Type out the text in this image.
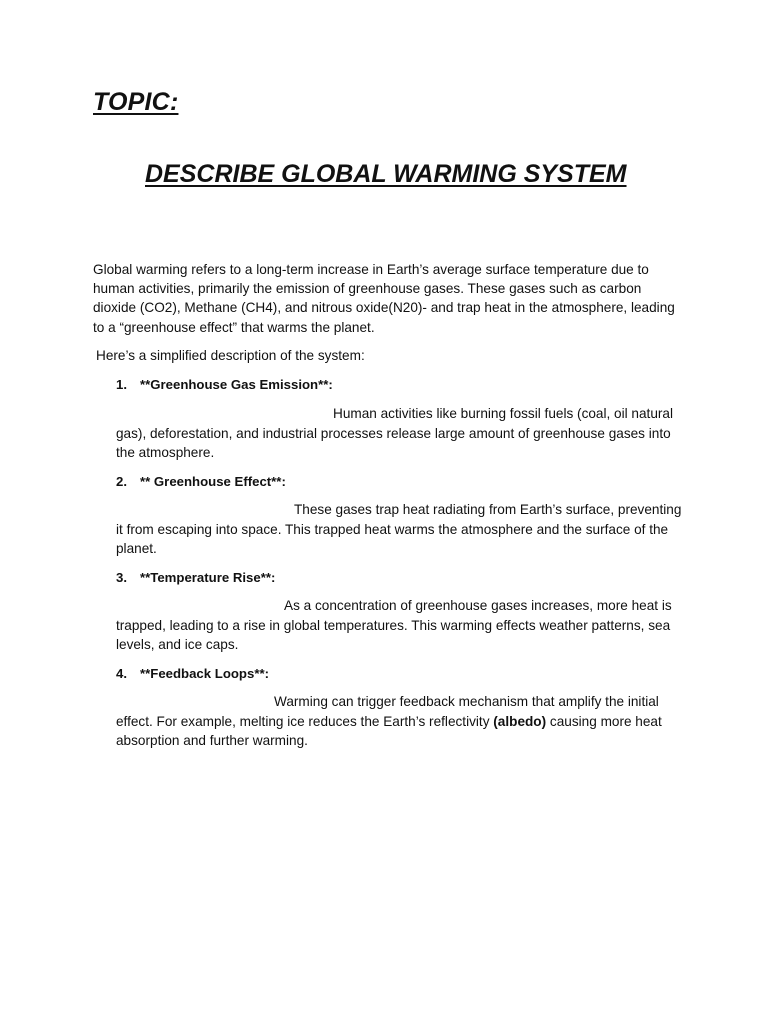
TOPIC:
DESCRIBE GLOBAL WARMING SYSTEM
Global warming refers to a long-term increase in Earth’s average surface temperature due to human activities, primarily the emission of greenhouse gases. These gases such as carbon dioxide (CO2), Methane (CH4), and nitrous oxide(N20)- and trap heat in the atmosphere, leading to a “greenhouse effect” that warms the planet.
Here’s a simplified description of the system:
1. **Greenhouse Gas Emission**:
Human activities like burning fossil fuels (coal, oil natural gas), deforestation, and industrial processes release large amount of greenhouse gases into the atmosphere.
2. ** Greenhouse Effect**:
These gases trap heat radiating from Earth’s surface, preventing it from escaping into space. This trapped heat warms the atmosphere and the surface of the planet.
3. **Temperature Rise**:
As a concentration of greenhouse gases increases, more heat is trapped, leading to a rise in global temperatures. This warming effects weather patterns, sea levels, and ice caps.
4. **Feedback Loops**:
Warming can trigger feedback mechanism that amplify the initial effect. For example, melting ice reduces the Earth’s reflectivity (albedo) causing more heat absorption and further warming.
